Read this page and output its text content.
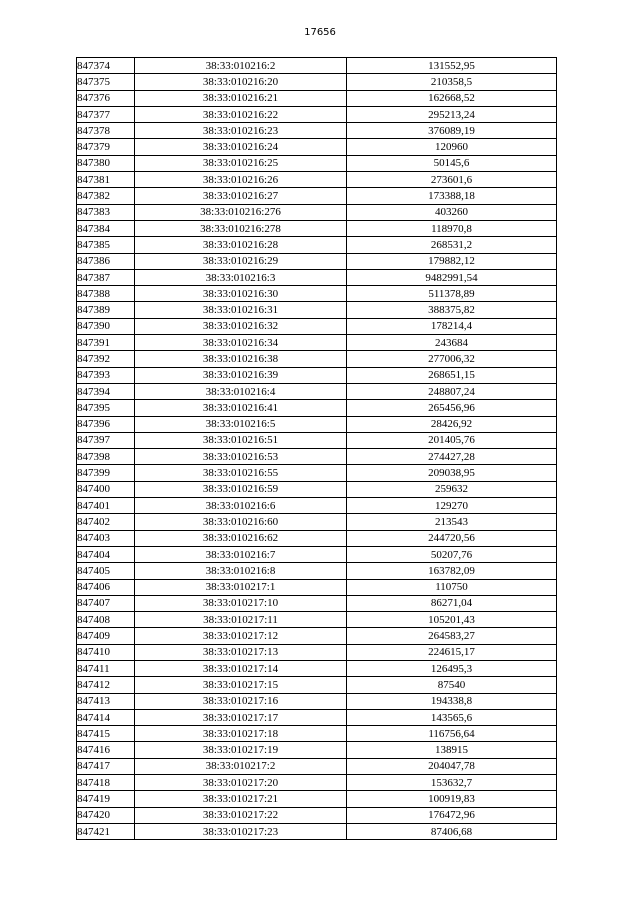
17656
847374	38:33:010216:2	131552,95
847375	38:33:010216:20	210358,5
847376	38:33:010216:21	162668,52
847377	38:33:010216:22	295213,24
847378	38:33:010216:23	376089,19
847379	38:33:010216:24	120960
847380	38:33:010216:25	50145,6
847381	38:33:010216:26	273601,6
847382	38:33:010216:27	173388,18
847383	38:33:010216:276	403260
847384	38:33:010216:278	118970,8
847385	38:33:010216:28	268531,2
847386	38:33:010216:29	179882,12
847387	38:33:010216:3	9482991,54
847388	38:33:010216:30	511378,89
847389	38:33:010216:31	388375,82
847390	38:33:010216:32	178214,4
847391	38:33:010216:34	243684
847392	38:33:010216:38	277006,32
847393	38:33:010216:39	268651,15
847394	38:33:010216:4	248807,24
847395	38:33:010216:41	265456,96
847396	38:33:010216:5	28426,92
847397	38:33:010216:51	201405,76
847398	38:33:010216:53	274427,28
847399	38:33:010216:55	209038,95
847400	38:33:010216:59	259632
847401	38:33:010216:6	129270
847402	38:33:010216:60	213543
847403	38:33:010216:62	244720,56
847404	38:33:010216:7	50207,76
847405	38:33:010216:8	163782,09
847406	38:33:010217:1	110750
847407	38:33:010217:10	86271,04
847408	38:33:010217:11	105201,43
847409	38:33:010217:12	264583,27
847410	38:33:010217:13	224615,17
847411	38:33:010217:14	126495,3
847412	38:33:010217:15	87540
847413	38:33:010217:16	194338,8
847414	38:33:010217:17	143565,6
847415	38:33:010217:18	116756,64
847416	38:33:010217:19	138915
847417	38:33:010217:2	204047,78
847418	38:33:010217:20	153632,7
847419	38:33:010217:21	100919,83
847420	38:33:010217:22	176472,96
847421	38:33:010217:23	87406,68
